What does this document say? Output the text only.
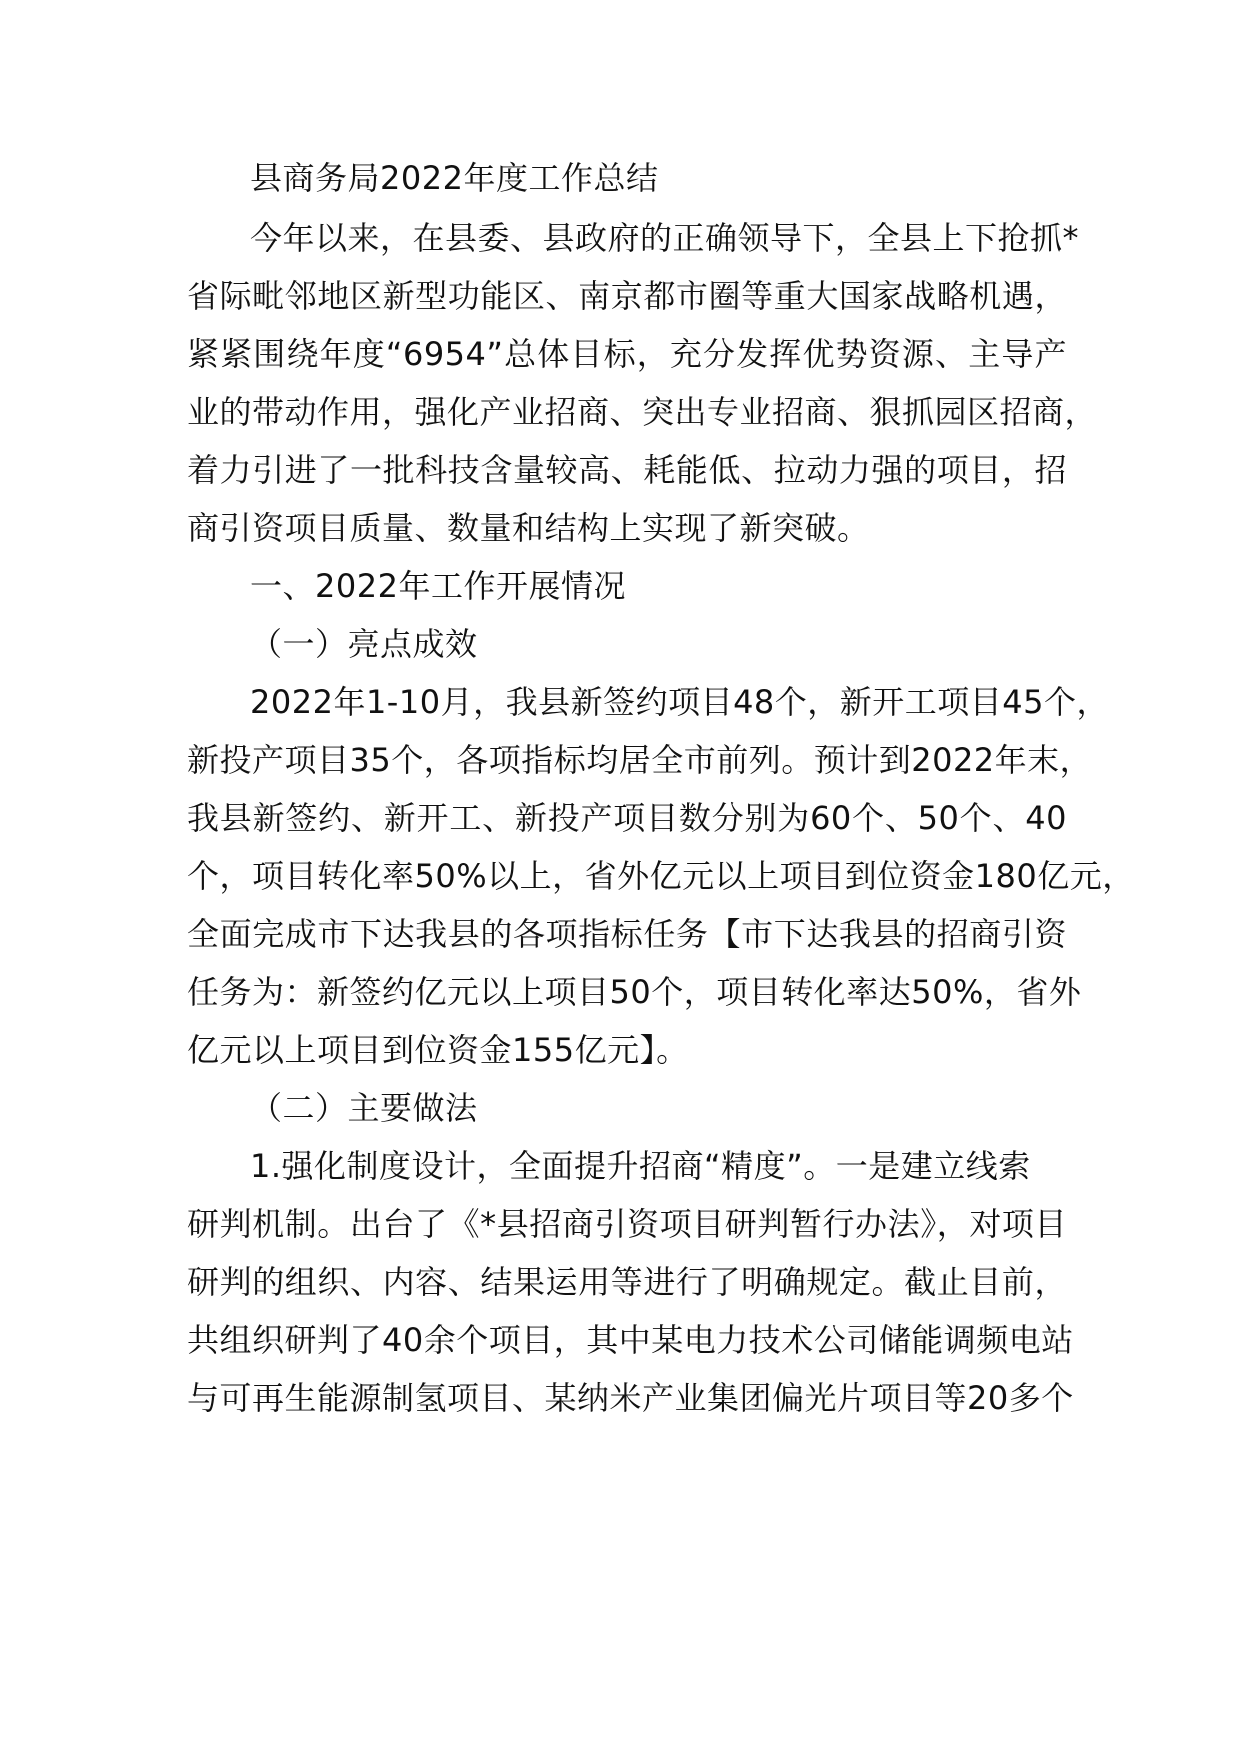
县商务局2022年度工作总结
今年以来，在县委、县政府的正确领导下，全县上下抢抓*
省际毗邻地区新型功能区、南京都市圈等重大国家战略机遇，
紧紧围绕年度“6954”总体目标，充分发挥优势资源、主导产
业的带动作用，强化产业招商、突出专业招商、狠抓园区招商，
着力引进了一批科技含量较高、耗能低、拉动力强的项目，招
商引资项目质量、数量和结构上实现了新突破。
一、2022年工作开展情况
（一）亮点成效
2022年1-10月，我县新签约项目48个，新开工项目45个，
新投产项目35个，各项指标均居全市前列。预计到2022年末，
我县新签约、新开工、新投产项目数分别为60个、50个、40
个，项目转化率50%以上，省外亿元以上项目到位资金180亿元，
全面完成市下达我县的各项指标任务【市下达我县的招商引资
任务为：新签约亿元以上项目50个，项目转化率达50%，省外
亿元以上项目到位资金155亿元】。
（二）主要做法
1.强化制度设计，全面提升招商“精度”。一是建立线索
研判机制。出台了《*县招商引资项目研判暂行办法》，对项目
研判的组织、内容、结果运用等进行了明确规定。截止目前，
共组织研判了40余个项目，其中某电力技术公司储能调频电站
与可再生能源制氢项目、某纳米产业集团偏光片项目等20多个
